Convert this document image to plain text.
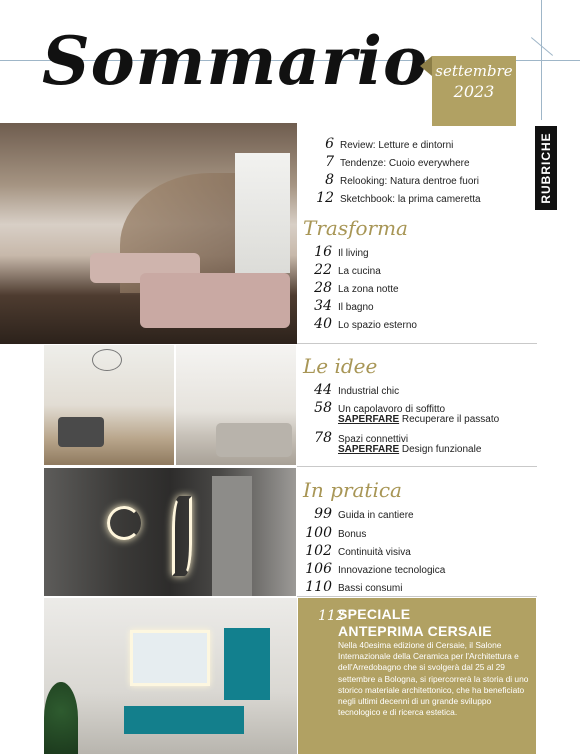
Sommario settembre
2023
RUBRICHE
6 Review: Letture e dintorni
7 Tendenze: Cuoio everywhere
8 Relooking: Natura dentroe fuori
12 Sketchbook: la prima cameretta
Trasforma
16 Il living
22 La cucina
28 La zona notte
34 Il bagno
40 Lo spazio esterno
Le idee
44 Industrial chic
58 Un capolavoro di soffitto
SAPERFARE Recuperare il passato
78 Spazi connettivi
SAPERFARE Design funzionale
In pratica
99 Guida in cantiere
100 Bonus
102 Continuità visiva
106 Innovazione tecnologica
110 Bassi consumi
112
SPECIALE
ANTEPRIMA CERSAIE
Nella 40esima edizione di Cersaie, il Salone Internazionale della Ceramica per l'Architettura e dell'Arredobagno che si svolgerà dal 25 al 29 settembre a Bologna, si ripercorrerà la storia di uno storico materiale architettonico, che ha beneficiato negli ultimi decenni di un grande sviluppo tecnologico e di ricerca estetica.
